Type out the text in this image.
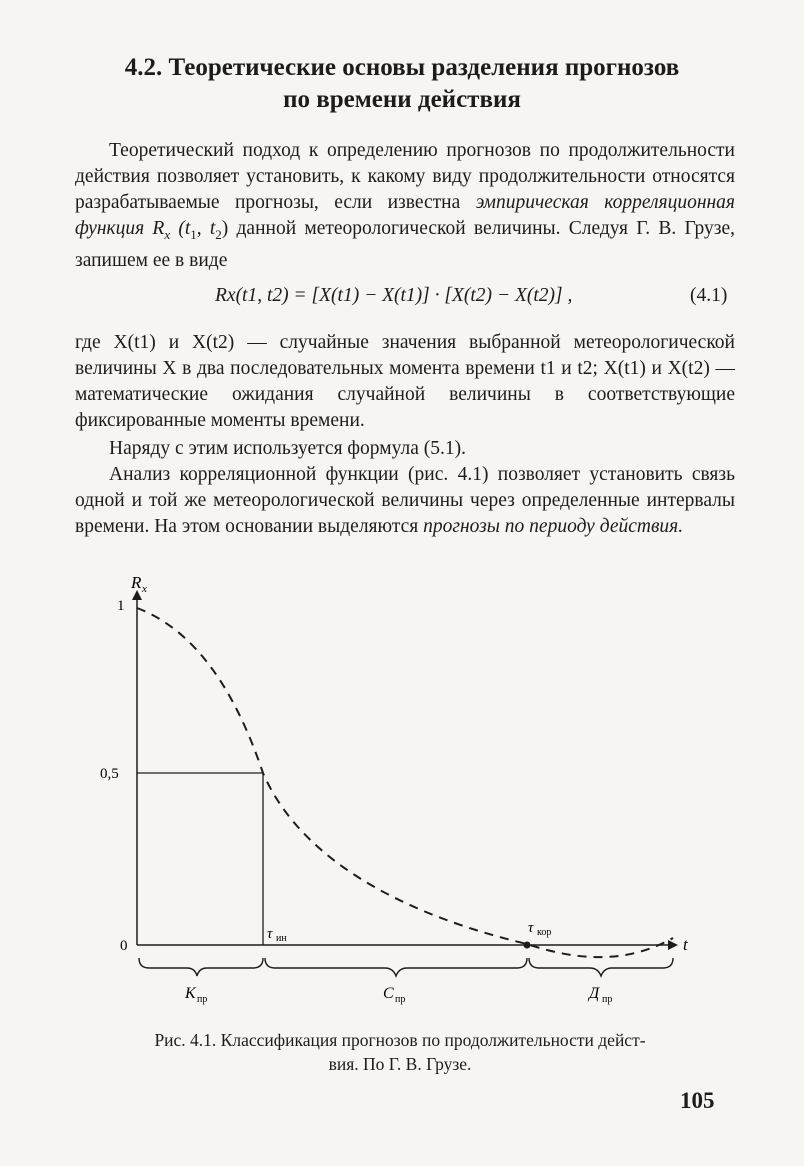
4.2. Теоретические основы разделения прогнозов
по времени действия

Теоретический подход к определению прогнозов по продолжительности действия позволяет установить, к какому виду продолжительности относятся разрабатываемые прогнозы, если известна эмпирическая корреляционная функция $R_x$ ($t_1$, $t_2$) данной метеорологической величины. Следуя Г. В. Грузе, запишем ее в виде

Rx(t1, t2) = [X(t1) − X(t1)] · [X(t2) − X(t2)] ,	(4.1)

где X(t1) и X(t2) — случайные значения выбранной метеорологической величины X в два последовательных момента времени t1 и t2; X(t1) и X(t2) — математические ожидания случайной величины в соответствующие фиксированные моменты времени.

Наряду с этим используется формула (5.1).

Анализ корреляционной функции (рис. 4.1) позволяет установить связь одной и той же метеорологической величины через определенные интервалы времени. На этом основании выделяются прогнозы по периоду действия.

R x
t
1
0,5
0
τ ин
τ кор
K пр	C пр	Д пр
Рис. 4.1. Классификация прогнозов по продолжительности дейст-
вия. По Г. В. Грузе.
105
